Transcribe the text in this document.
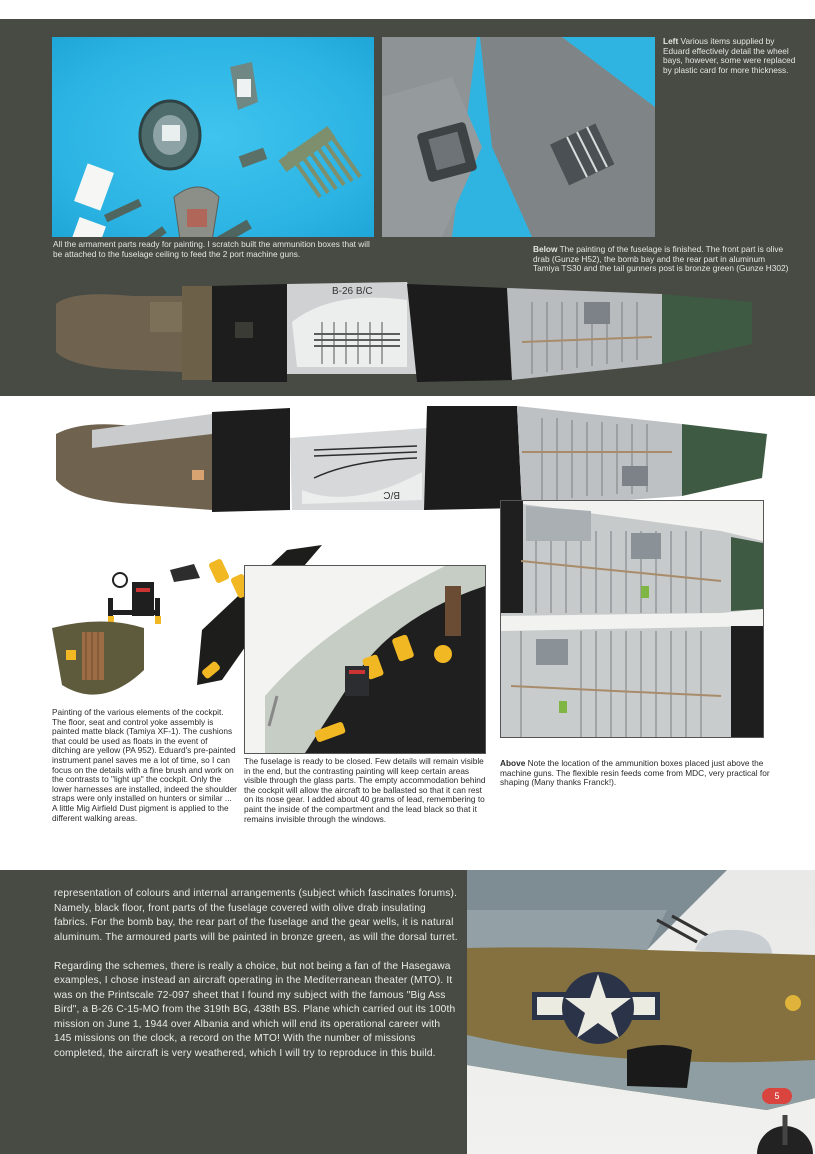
Left Various items supplied by Eduard effectively detail the wheel bays, however, some were replaced by plastic card for more thickness.
All the armament parts ready for painting. I scratch built the ammunition boxes that will be attached to the fuselage ceiling to feed the 2 port machine guns.	Below The painting of the fuselage is finished. The front part is olive drab (Gunze H52), the bomb bay and the rear part in aluminum Tamiya TS30 and the tail gunners post is bronze green (Gunze H302)
B-26 B/C
B/C
Painting of the various elements of the cockpit. The floor, seat and control yoke assembly is painted matte black (Tamiya XF-1). The cushions that could be used as floats in the event of ditching are yellow (PA 952). Eduard's pre-painted instrument panel saves me a lot of time, so I can focus on the details with a fine brush and work on the contrasts to "light up" the cockpit. Only the lower harnesses are installed, indeed the shoulder straps were only installed on hunters or similar ... A little Mig Airfield Dust pigment is applied to the different walking areas.
The fuselage is ready to be closed. Few details will remain visible in the end, but the contrasting painting will keep certain areas visible through the glass parts. The empty accommodation behind the cockpit will allow the aircraft to be ballasted so that it can rest on its nose gear. I added about 40 grams of lead, remembering to paint the inside of the compartment and the lead black so that it remains invisible through the windows.
Above Note the location of the ammunition boxes placed just above the machine guns. The flexible resin feeds come from MDC, very practical for shaping (Many thanks Franck!).

representation of colours and internal arrangements (subject which fascinates forums). Namely, black floor, front parts of the fuselage covered with olive drab insulating fabrics. For the bomb bay, the rear part of the fuselage and the gear wells, it is natural aluminum. The armoured parts will be painted in bronze green, as will the dorsal turret.

Regarding the schemes, there is really a choice, but not being a fan of the Hasegawa examples, I chose instead an aircraft operating in the Mediterranean theater (MTO). It was on the Printscale 72-097 sheet that I found my subject with the famous "Big Ass Bird", a B-26 C-15-MO from the 319th BG, 438th BS. Plane which carried out its 100th mission on June 1, 1944 over Albania and which will end its operational career with 145 missions on the clock, a record on the MTO! With the number of missions completed, the aircraft is very weathered, which I will try to reproduce in this build.

5
